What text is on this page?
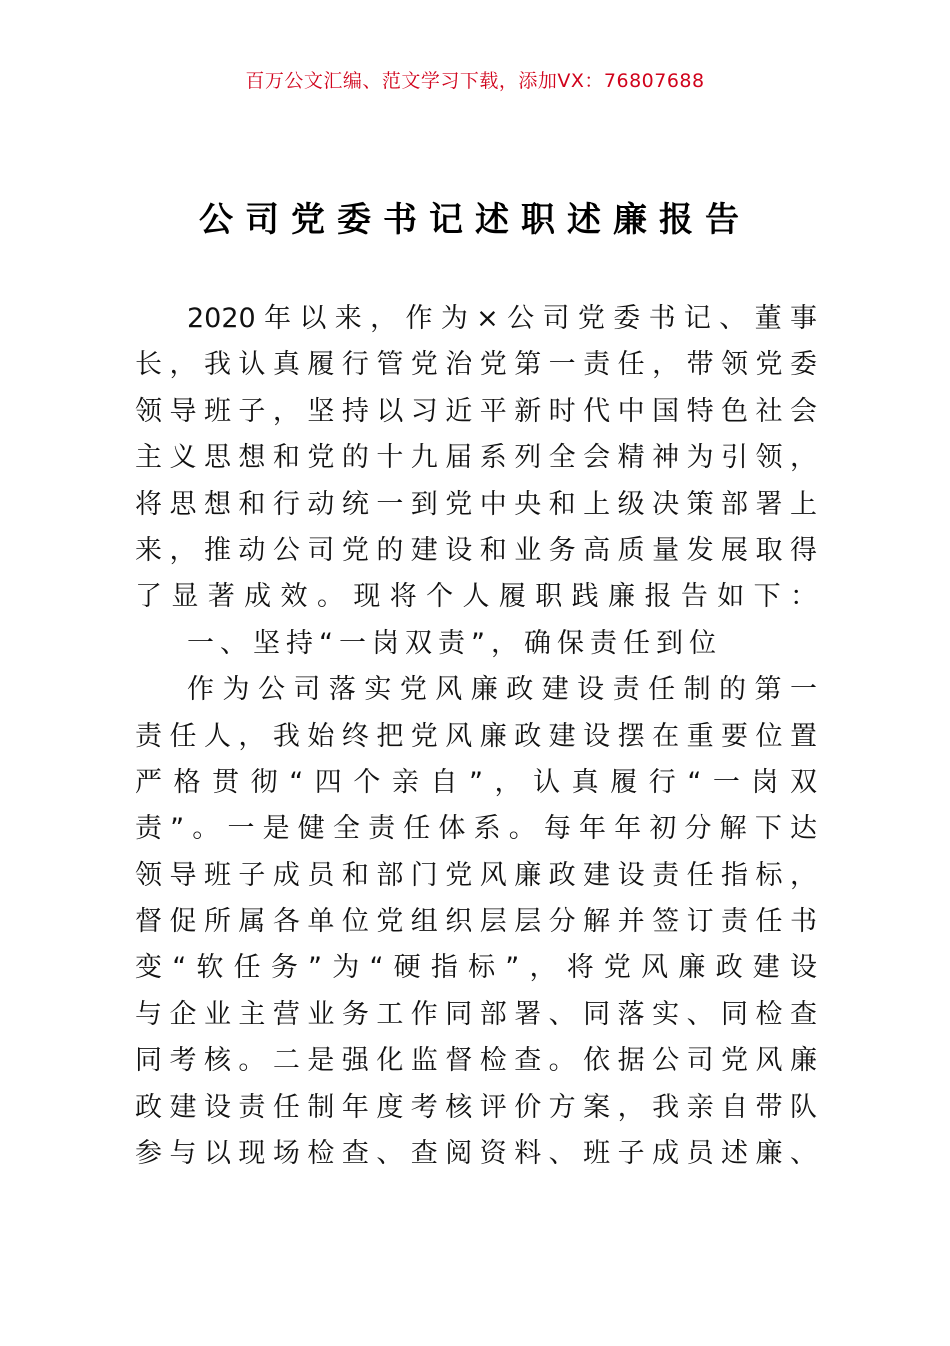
百万公文汇编、范文学习下载，添加VX：76807688
公司党委书记述职述廉报告
2020年以来，作为×公司党委书记、董事
长，我认真履行管党治党第一责任，带领党委
领导班子，坚持以习近平新时代中国特色社会
主义思想和党的十九届系列全会精神为引领，
将思想和行动统一到党中央和上级决策部署上
来，推动公司党的建设和业务高质量发展取得
了显著成效。现将个人履职践廉报告如下：
一、坚持“一岗双责”，确保责任到位
作为公司落实党风廉政建设责任制的第一
责任人，我始终把党风廉政建设摆在重要位置
严格贯彻“四个亲自”，认真履行“一岗双
责”。一是健全责任体系。每年年初分解下达
领导班子成员和部门党风廉政建设责任指标，
督促所属各单位党组织层层分解并签订责任书
变“软任务”为“硬指标”，将党风廉政建设
与企业主营业务工作同部署、同落实、同检查
同考核。二是强化监督检查。依据公司党风廉
政建设责任制年度考核评价方案，我亲自带队
参与以现场检查、查阅资料、班子成员述廉、
